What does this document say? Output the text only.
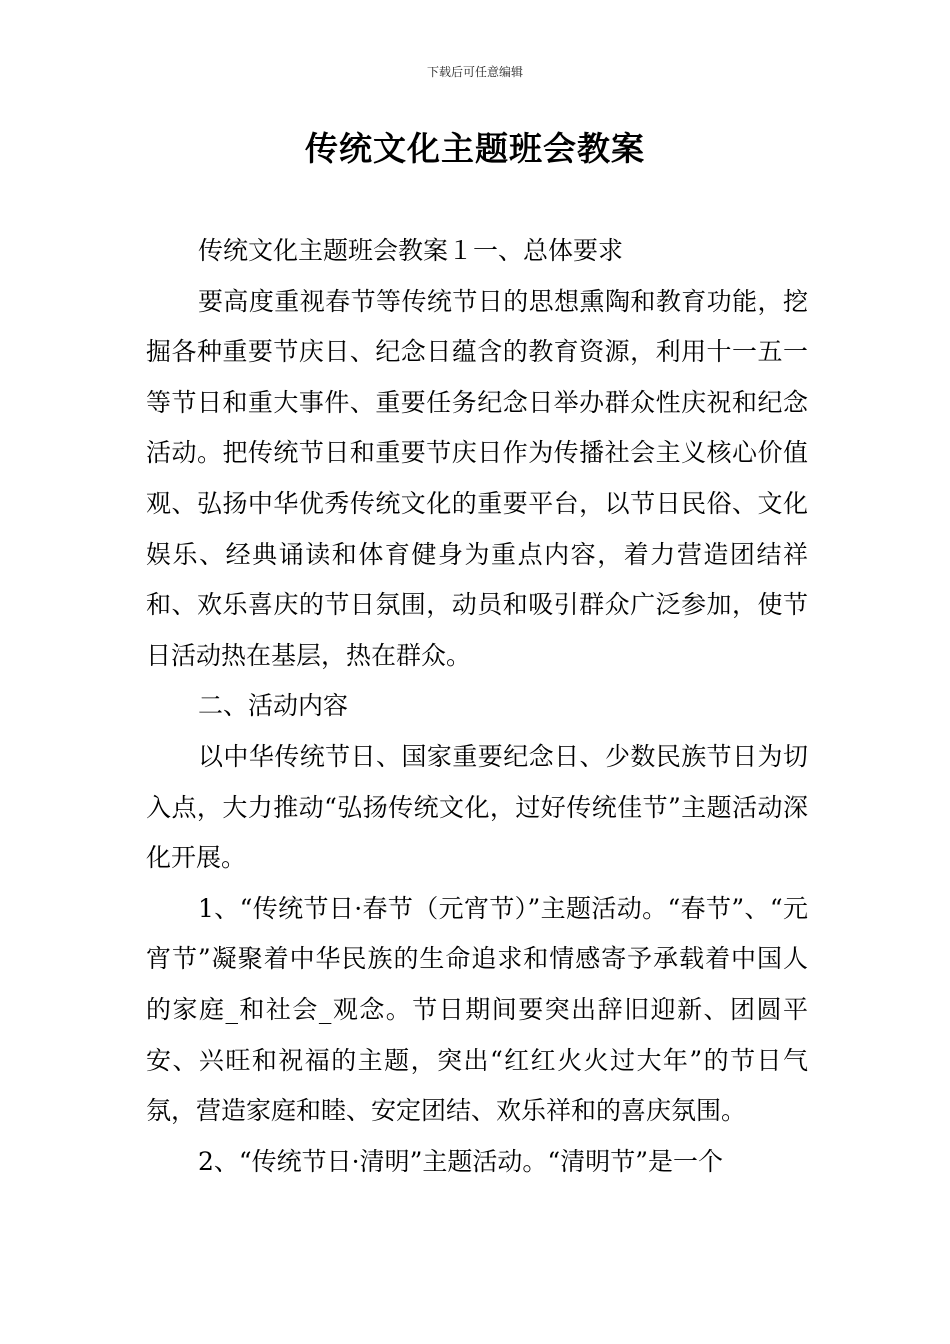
下载后可任意编辑
传统文化主题班会教案

传统文化主题班会教案１一、总体要求

要高度重视春节等传统节日的思想熏陶和教育功能，挖掘各种重要节庆日、纪念日蕴含的教育资源，利用十一五一等节日和重大事件、重要任务纪念日举办群众性庆祝和纪念活动。把传统节日和重要节庆日作为传播社会主义核心价值观、弘扬中华优秀传统文化的重要平台，以节日民俗、文化娱乐、经典诵读和体育健身为重点内容，着力营造团结祥和、欢乐喜庆的节日氛围，动员和吸引群众广泛参加，使节日活动热在基层，热在群众。

二、活动内容

以中华传统节日、国家重要纪念日、少数民族节日为切入点，大力推动“弘扬传统文化，过好传统佳节”主题活动深化开展。

1、“传统节日·春节（元宵节）”主题活动。“春节”、“元宵节”凝聚着中华民族的生命追求和情感寄予承载着中国人的家庭_和社会_观念。节日期间要突出辞旧迎新、团圆平安、兴旺和祝福的主题，突出“红红火火过大年”的节日气氛，营造家庭和睦、安定团结、欢乐祥和的喜庆氛围。

2、“传统节日·清明”主题活动。“清明节”是一个
